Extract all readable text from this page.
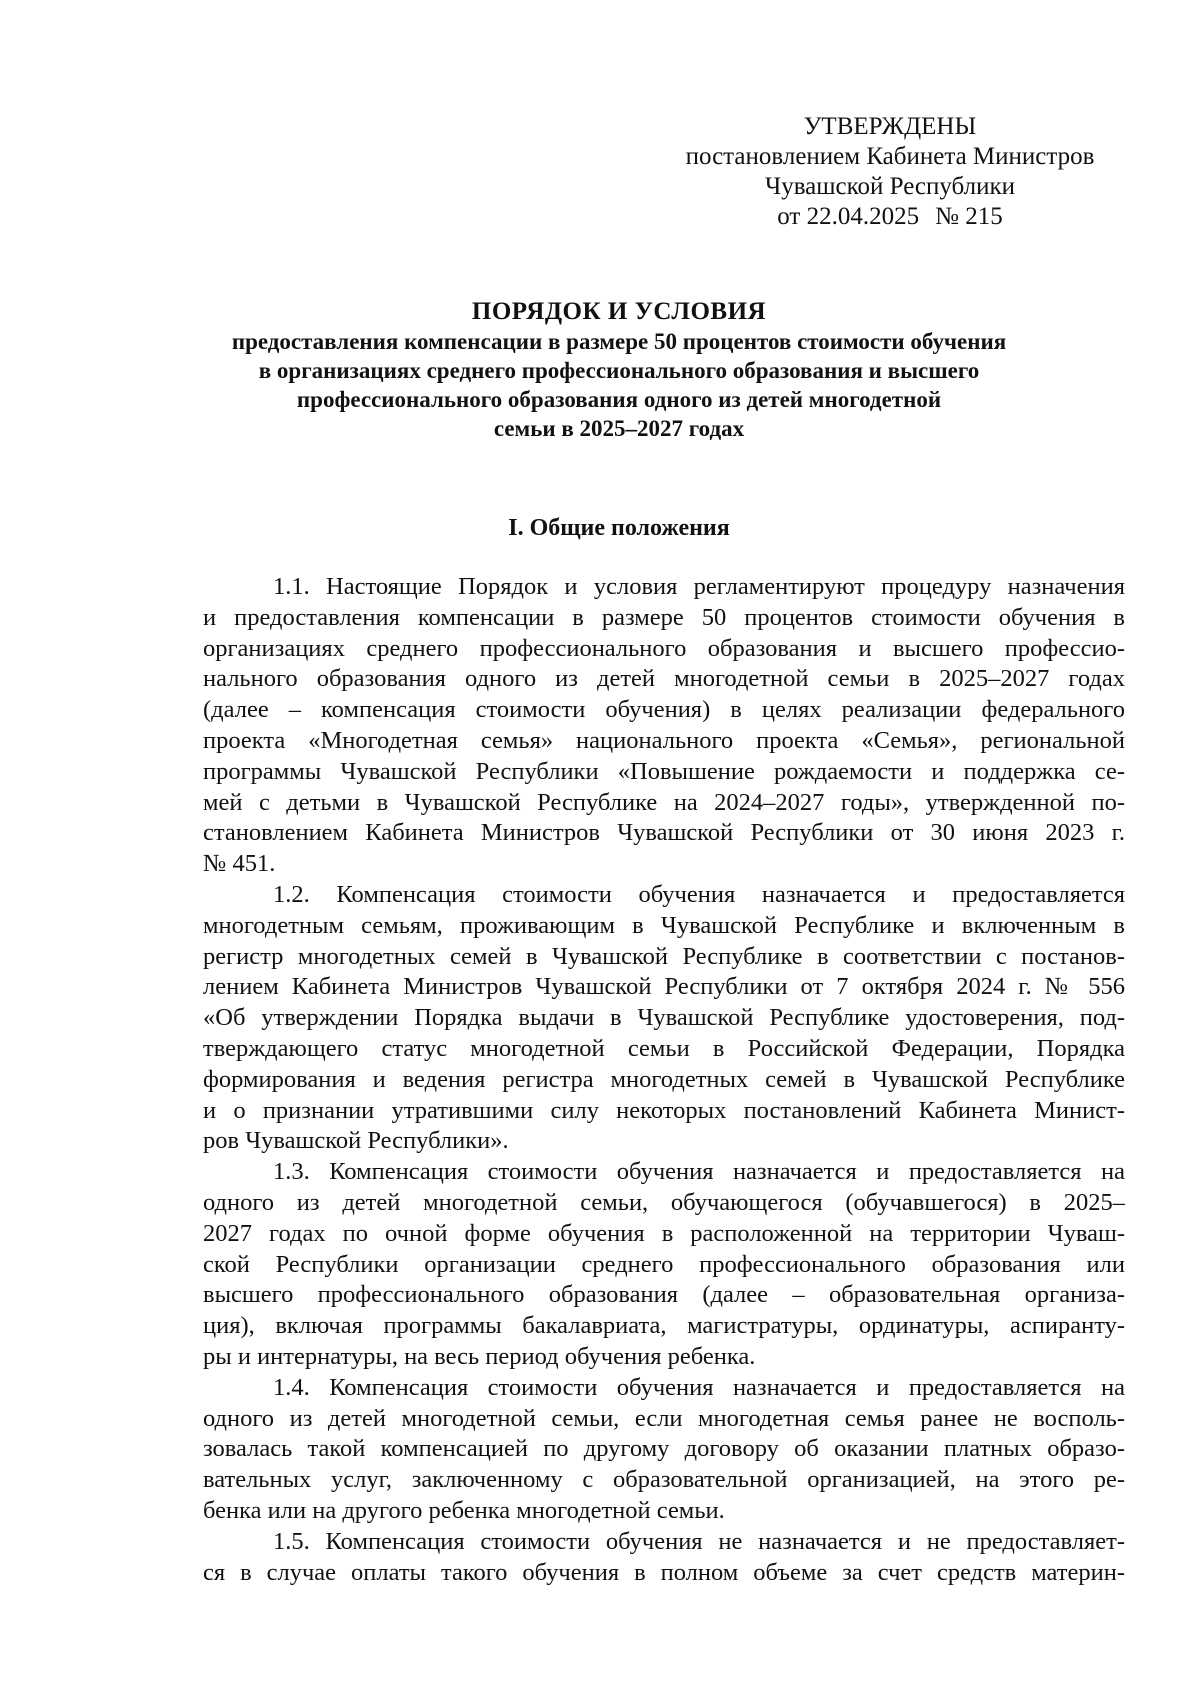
УТВЕРЖДЕНЫ
постановлением Кабинета Министров
Чувашской Республики
от 22.04.2025 № 215
ПОРЯДОК И УСЛОВИЯ
предоставления компенсации в размере 50 процентов стоимости обучения
в организациях среднего профессионального образования и высшего
профессионального образования одного из детей многодетной
семьи в 2025–2027 годах
I. Общие положения
1.1. Настоящие Порядок и условия регламентируют процедуру назначения
и предоставления компенсации в размере 50 процентов стоимости обучения в
организациях среднего профессионального образования и высшего профессио-
нального образования одного из детей многодетной семьи в 2025–2027 годах
(далее – компенсация стоимости обучения) в целях реализации федерального
проекта «Многодетная семья» национального проекта «Семья», региональной
программы Чувашской Республики «Повышение рождаемости и поддержка се-
мей с детьми в Чувашской Республике на 2024–2027 годы», утвержденной по-
становлением Кабинета Министров Чувашской Республики от 30 июня 2023 г.
№ 451.
1.2. Компенсация стоимости обучения назначается и предоставляется
многодетным семьям, проживающим в Чувашской Республике и включенным в
регистр многодетных семей в Чувашской Республике в соответствии с постанов-
лением Кабинета Министров Чувашской Республики от 7 октября 2024 г. № 556
«Об утверждении Порядка выдачи в Чувашской Республике удостоверения, под-
тверждающего статус многодетной семьи в Российской Федерации, Порядка
формирования и ведения регистра многодетных семей в Чувашской Республике
и о признании утратившими силу некоторых постановлений Кабинета Минист-
ров Чувашской Республики».
1.3. Компенсация стоимости обучения назначается и предоставляется на
одного из детей многодетной семьи, обучающегося (обучавшегося) в 2025–
2027 годах по очной форме обучения в расположенной на территории Чуваш-
ской Республики организации среднего профессионального образования или
высшего профессионального образования (далее – образовательная организа-
ция), включая программы бакалавриата, магистратуры, ординатуры, аспиранту-
ры и интернатуры, на весь период обучения ребенка.
1.4. Компенсация стоимости обучения назначается и предоставляется на
одного из детей многодетной семьи, если многодетная семья ранее не восполь-
зовалась такой компенсацией по другому договору об оказании платных образо-
вательных услуг, заключенному с образовательной организацией, на этого ре-
бенка или на другого ребенка многодетной семьи.
1.5. Компенсация стоимости обучения не назначается и не предоставляет-
ся в случае оплаты такого обучения в полном объеме за счет средств материн-
